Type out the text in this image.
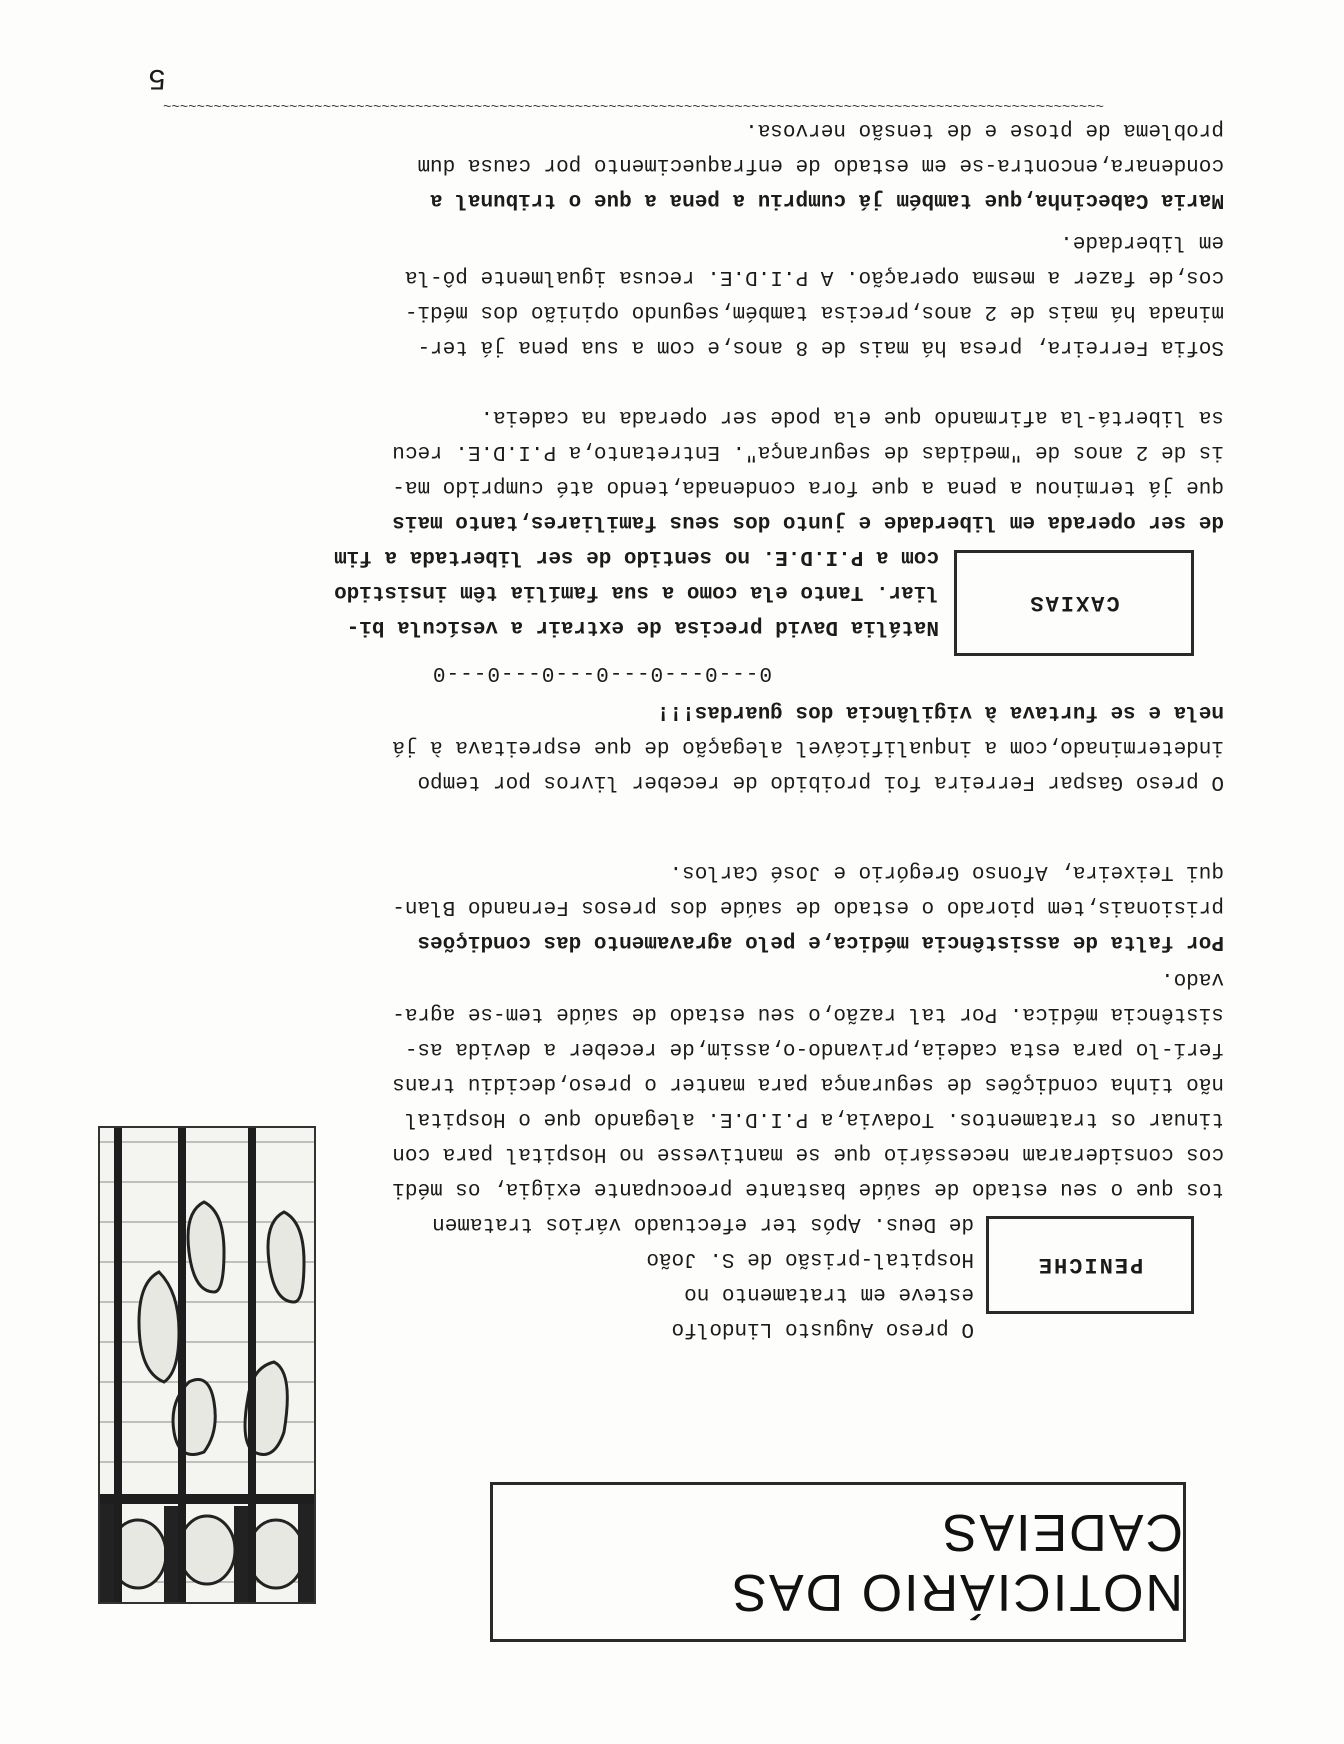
NOTICIÁRIO DAS CADEIAS
PENICHE

O preso Augusto Lindolfo
esteve em tratamento no
Hospital-prisão de S. João
de Deus. Após ter efectuado vários tratamen

tos que o seu estado de saúde bastante preocupante exigia, os médi
cos consideraram necessário que se mantivesse no Hospital para con
tinuar os tratamentos. Todavia,a P.I.D.E. alegando que o Hospital
não tinha condições de segurança para manter o preso,decidiu trans
ferí-lo para esta cadeia,privando-o,assim,de receber a devida as-
sistência médica. Por tal razão,o seu estado de saúde tem-se agra-
vado.

Por falta de assistência médica,e pelo agravamento das condições
prisionais,tem piorado o estado de saúde dos presos Fernando Blan-
qui Teixeira, Afonso Gregório e José Carlos.

O preso Gaspar Ferreira foi proibido de receber livros por tempo
indeterminado,com a inqualificável alegação de que espreitava à já
nela e se furtava à vigilância dos guardas!!!

0---0---0---0---0---0---0
CAXIAS

Natália David precisa de extrair a vesícula bi-
liar. Tanto ela como a sua família têm insistido
com a P.I.D.E. no sentido de ser libertada a fim

de ser operada em liberdade e junto dos seus familiares,tanto mais
que já terminou a pena a que fora condenada,tendo até cumprido ma-
is de 2 anos de "medidas de segurança". Entretanto,a P.I.D.E. recu
sa libertá-la afirmando que ela pode ser operada na cadeia.

Sofia Ferreira, presa há mais de 8 anos,e com a sua pena já ter-
minada há mais de 2 anos,precisa também,segundo opinião dos médi-
cos,de fazer a mesma operação. A P.I.D.E. recusa igualmente pô-la
em liberdade.

Maria Cabecinha,que também já cumpriu a pena a que o tribunal a
condenara,encontra-se em estado de enfraquecimento por causa dum
problema de ptose e de tensão nervosa.

~~~~~~~~~~~~~~~~~~~~~~~~~~~~~~~~~~~~~~~~~~~~~~~~~~~~~~~~~~~~~~~~~~~~~~~~~~~~~~~~~~~~~~~~~~~~~~~~~~~~~~~~~~~~~~~~
5
